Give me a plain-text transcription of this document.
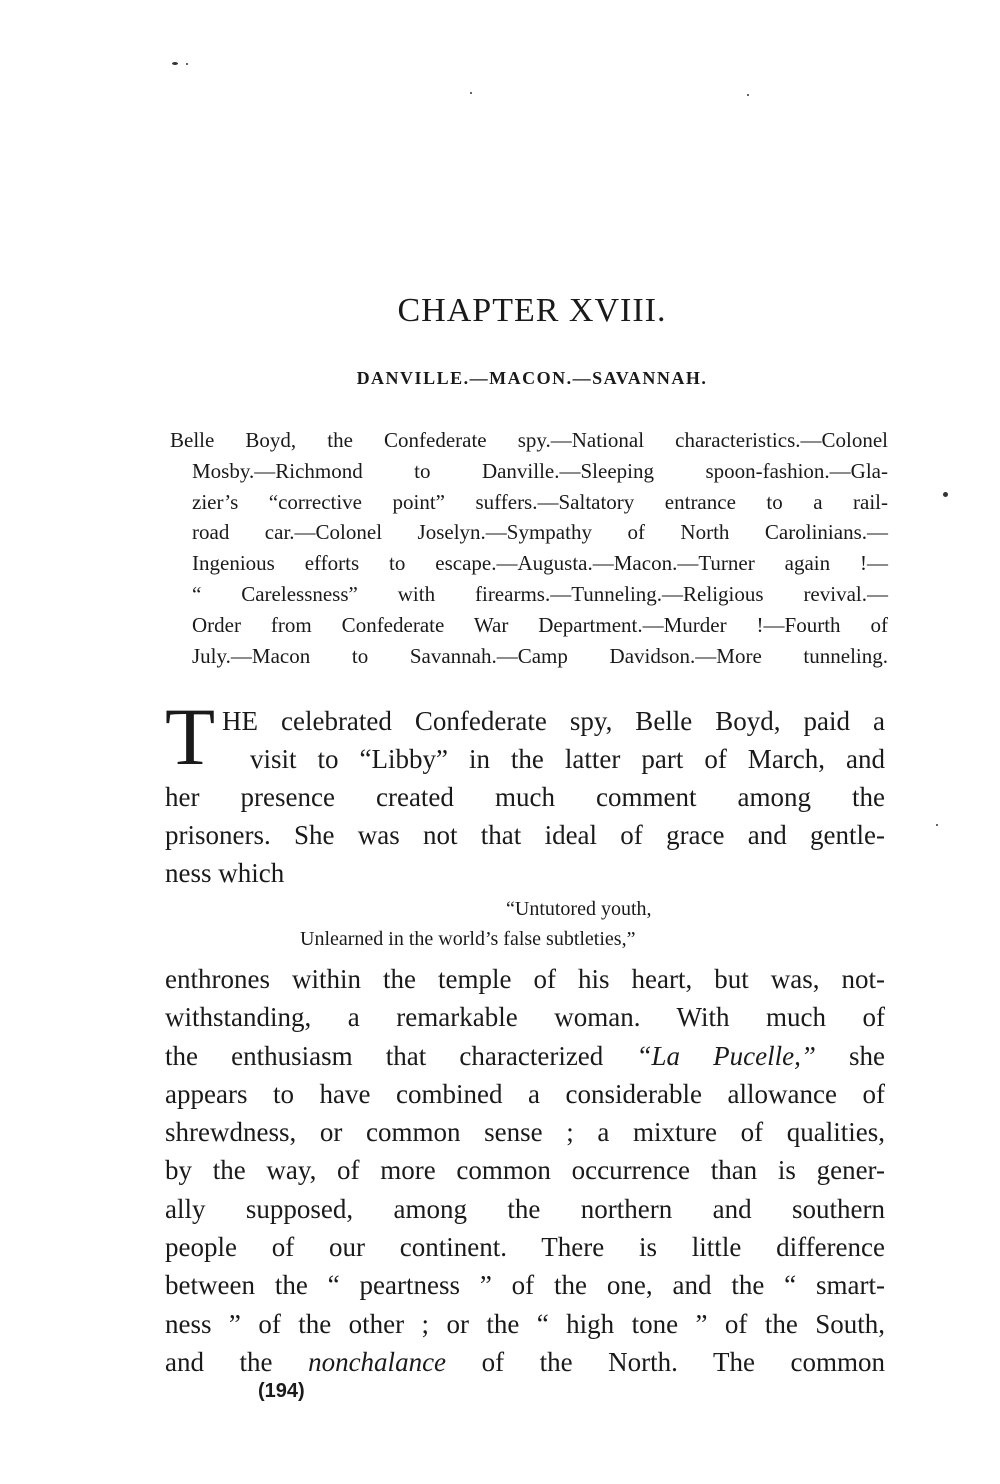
CHAPTER XVIII.
DANVILLE.—MACON.—SAVANNAH.
Belle Boyd, the Confederate spy.—National characteristics.—Colonel
Mosby.—Richmond to Danville.—Sleeping spoon-fashion.—Gla-
zier’s “corrective point” suffers.—Saltatory entrance to a rail-
road car.—Colonel Joselyn.—Sympathy of North Carolinians.—
Ingenious efforts to escape.—Augusta.—Macon.—Turner again !—
“ Carelessness” with firearms.—Tunneling.—Religious revival.—
Order from Confederate War Department.—Murder !—Fourth of
July.—Macon to Savannah.—Camp Davidson.—More tunneling.
T HE celebrated Confederate spy, Belle Boyd, paid a
visit to “Libby” in the latter part of March, and
her presence created much comment among the
prisoners. She was not that ideal of grace and gentle-
ness which
“Untutored youth,
Unlearned in the world’s false subtleties,”
enthrones within the temple of his heart, but was, not-
withstanding, a remarkable woman. With much of
the enthusiasm that characterized “La Pucelle,” she
appears to have combined a considerable allowance of
shrewdness, or common sense ; a mixture of qualities,
by the way, of more common occurrence than is gener-
ally supposed, among the northern and southern
people of our continent. There is little difference
between the “ peartness ” of the one, and the “ smart-
ness ” of the other ; or the “ high tone ” of the South,
and the nonchalance of the North. The common
(194)
